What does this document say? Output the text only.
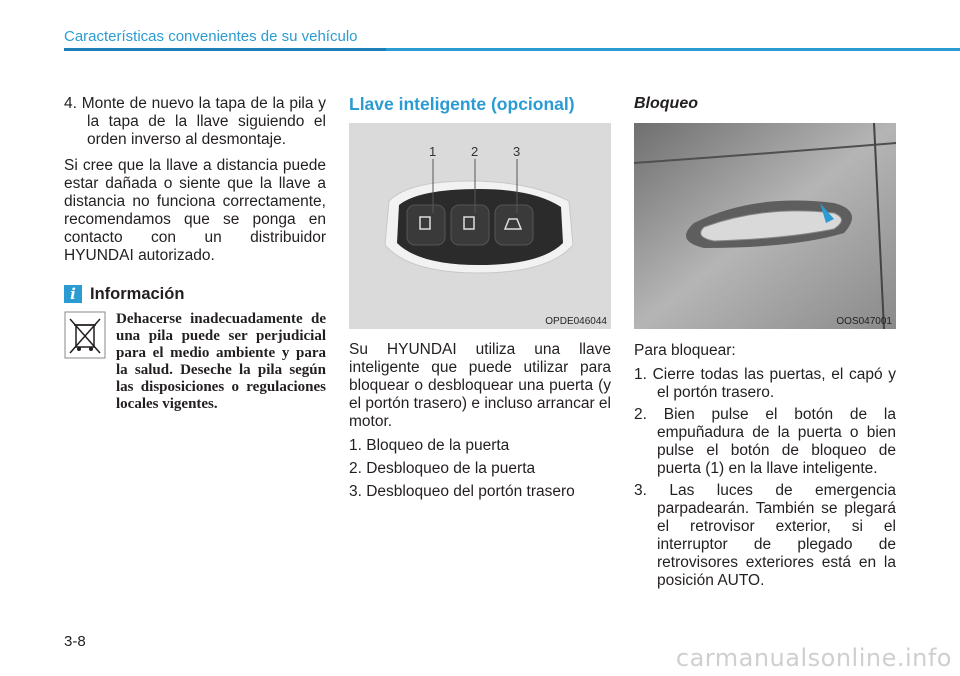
Características convenientes de su vehículo

4. Monte de nuevo la tapa de la pila y la tapa de la llave siguiendo el orden inverso al desmontaje.

Si cree que la llave a distancia puede estar dañada o siente que la llave a distancia no funciona correctamente, recomendamos que se ponga en contacto con un distribuidor HYUNDAI autorizado.

i Información
Dehacerse inadecuadamente de una pila puede ser perjudicial para el medio ambiente y para la salud. Deseche la pila según las disposiciones o regulaciones locales vigentes.
Llave inteligente (opcional)
1	2	3
OPDE046044

Su HYUNDAI utiliza una llave inteligente que puede utilizar para bloquear o desbloquear una puerta (y el portón trasero) e incluso arrancar el motor.

1. Bloqueo de la puerta

2. Desbloqueo de la puerta

3. Desbloqueo del portón trasero

Bloqueo
OOS047001

Para bloquear:

1. Cierre todas las puertas, el capó y el portón trasero.

2. Bien pulse el botón de la empuñadura de la puerta o bien pulse el botón de bloqueo de puerta (1) en la llave inteligente.

3. Las luces de emergencia parpadearán. También se plegará el retrovisor exterior, si el interruptor de plegado de retrovisores exteriores está en la posición AUTO.

3-8
carmanualsonline.info
